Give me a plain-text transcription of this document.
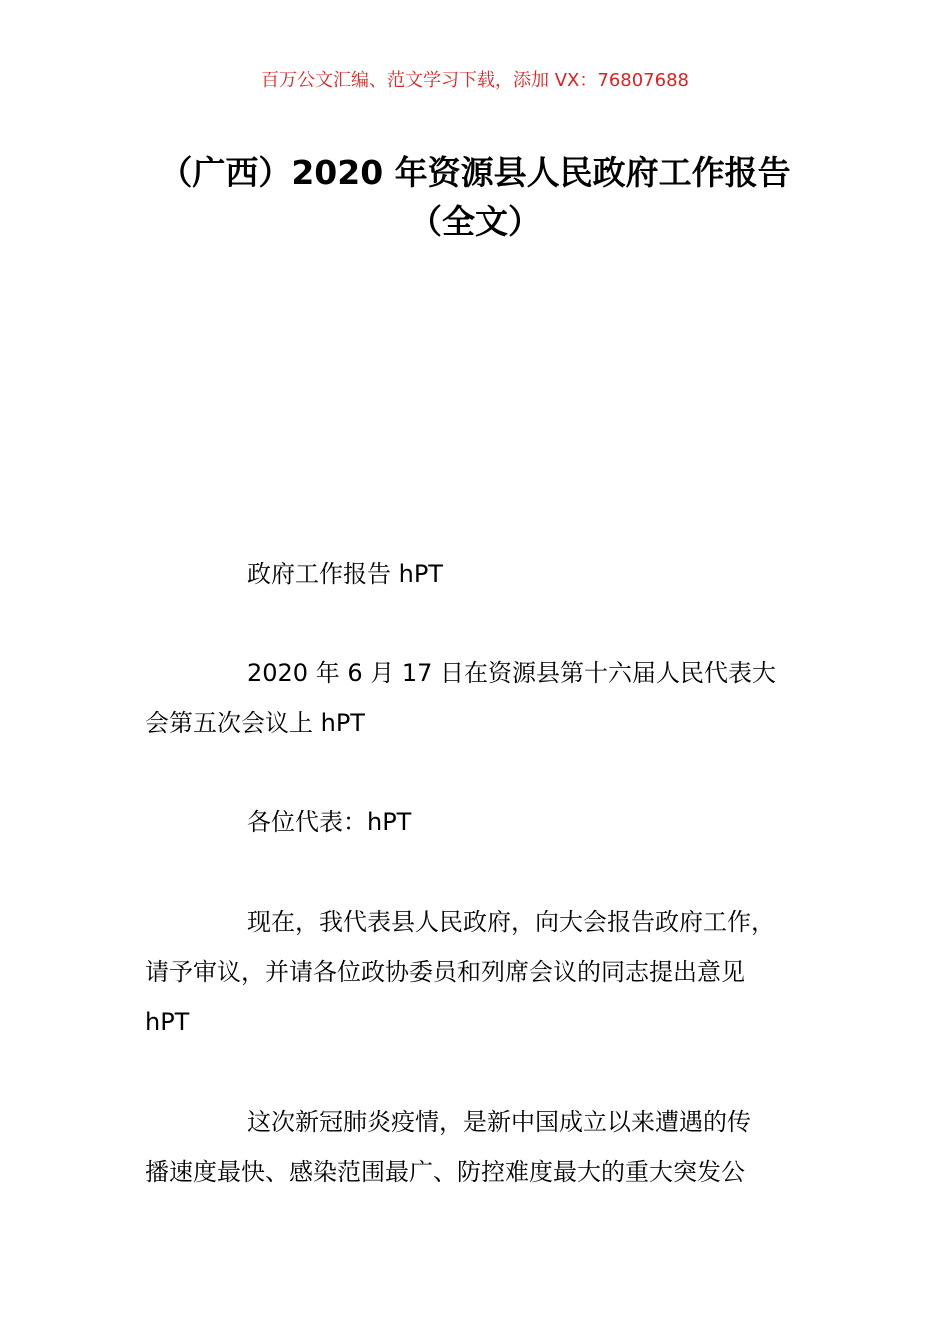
百万公文汇编、范文学习下载，添加 VX：76807688
（广西）2020 年资源县人民政府工作报告
（全文）

政府工作报告 hPT

2020 年 6 月 17 日在资源县第十六届人民代表大
会第五次会议上 hPT

各位代表：hPT

现在，我代表县人民政府，向大会报告政府工作，
请予审议，并请各位政协委员和列席会议的同志提出意见
hPT

这次新冠肺炎疫情，是新中国成立以来遭遇的传
播速度最快、感染范围最广、防控难度最大的重大突发公
